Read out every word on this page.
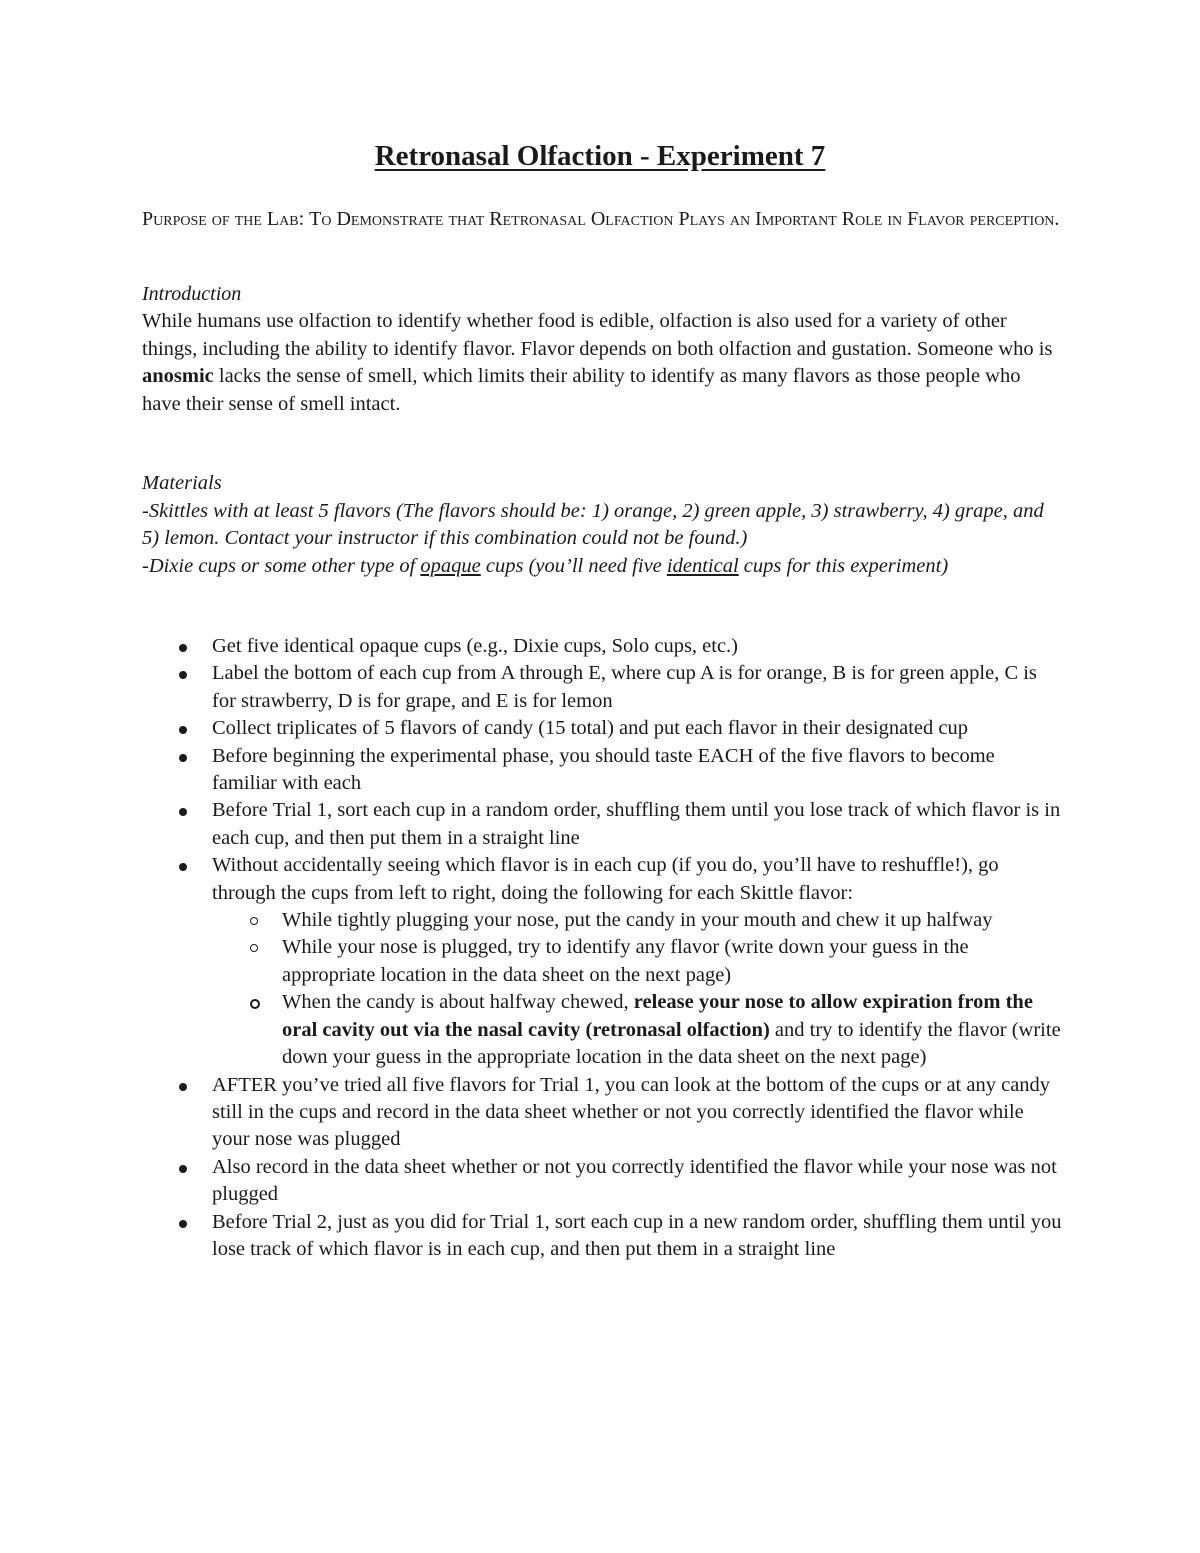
Retronasal Olfaction - Experiment 7

Purpose of the Lab: To Demonstrate that Retronasal Olfaction Plays an Important Role in Flavor perception.

Introduction

While humans use olfaction to identify whether food is edible, olfaction is also used for a variety of other things, including the ability to identify flavor. Flavor depends on both olfaction and gustation. Someone who is anosmic lacks the sense of smell, which limits their ability to identify as many flavors as those people who have their sense of smell intact.

Materials

-Skittles with at least 5 flavors (The flavors should be: 1) orange, 2) green apple, 3) strawberry, 4) grape, and 5) lemon. Contact your instructor if this combination could not be found.)

-Dixie cups or some other type of opaque cups (you’ll need five identical cups for this experiment)

Get five identical opaque cups (e.g., Dixie cups, Solo cups, etc.)
Label the bottom of each cup from A through E, where cup A is for orange, B is for green apple, C is for strawberry, D is for grape, and E is for lemon
Collect triplicates of 5 flavors of candy (15 total) and put each flavor in their designated cup
Before beginning the experimental phase, you should taste EACH of the five flavors to become familiar with each
Before Trial 1, sort each cup in a random order, shuffling them until you lose track of which flavor is in each cup, and then put them in a straight line
Without accidentally seeing which flavor is in each cup (if you do, you’ll have to reshuffle!), go through the cups from left to right, doing the following for each Skittle flavor:
While tightly plugging your nose, put the candy in your mouth and chew it up halfway
While your nose is plugged, try to identify any flavor (write down your guess in the appropriate location in the data sheet on the next page)
When the candy is about halfway chewed, release your nose to allow expiration from the oral cavity out via the nasal cavity (retronasal olfaction) and try to identify the flavor (write down your guess in the appropriate location in the data sheet on the next page)
AFTER you’ve tried all five flavors for Trial 1, you can look at the bottom of the cups or at any candy still in the cups and record in the data sheet whether or not you correctly identified the flavor while your nose was plugged
Also record in the data sheet whether or not you correctly identified the flavor while your nose was not plugged
Before Trial 2, just as you did for Trial 1, sort each cup in a new random order, shuffling them until you lose track of which flavor is in each cup, and then put them in a straight line
